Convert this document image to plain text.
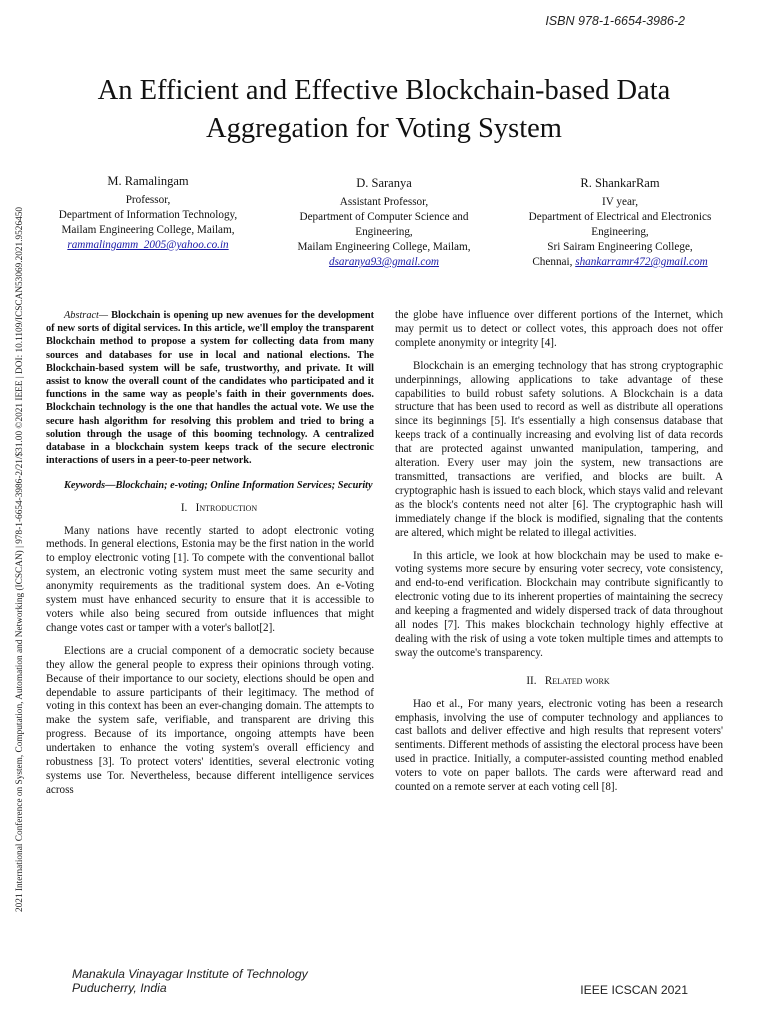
ISBN 978-1-6654-3986-2
2021 International Conference on System, Computation, Automation and Networking (ICSCAN) | 978-1-6654-3986-2/21/$31.00 ©2021 IEEE | DOI: 10.1109/ICSCAN53069.2021.9526450
An Efficient and Effective Blockchain-based Data
Aggregation for Voting System
M. Ramalingam
Professor,
Department of Information Technology,
Mailam Engineering College, Mailam,
rammalingamm_2005@yahoo.co.in
D. Saranya
Assistant Professor,
Department of Computer Science and
Engineering,
Mailam Engineering College, Mailam,
dsaranya93@gmail.com
R. ShankarRam
IV year,
Department of Electrical and Electronics
Engineering,
Sri Sairam Engineering College,
Chennai, shankarramr472@gmail.com

Abstract— Blockchain is opening up new avenues for the development of new sorts of digital services. In this article, we'll employ the transparent Blockchain method to propose a system for collecting data from many sources and databases for use in local and national elections. The Blockchain-based system will be safe, trustworthy, and private. It will assist to know the overall count of the candidates who participated and it functions in the same way as people's faith in their governments does. Blockchain technology is the one that handles the actual vote. We use the secure hash algorithm for resolving this problem and tried to bring a solution through the usage of this booming technology. A centralized database in a blockchain system keeps track of the secure electronic interactions of users in a peer-to-peer network.

Keywords—Blockchain; e-voting; Online Information Services; Security

I. Introduction

Many nations have recently started to adopt electronic voting methods. In general elections, Estonia may be the first nation in the world to employ electronic voting [1]. To compete with the conventional ballot system, an electronic voting system must meet the same security and anonymity requirements as the traditional system does. An e-Voting system must have enhanced security to ensure that it is accessible to voters while also being secured from outside influences that might change votes cast or tamper with a voter's ballot[2].

Elections are a crucial component of a democratic society because they allow the general people to express their opinions through voting. Because of their importance to our society, elections should be open and dependable to assure participants of their legitimacy. The method of voting in this context has been an ever-changing domain. The attempts to make the system safe, verifiable, and transparent are driving this progress. Because of its importance, ongoing attempts have been undertaken to enhance the voting system's overall efficiency and robustness [3]. To protect voters' identities, several electronic voting systems use Tor. Nevertheless, because different intelligence services across

the globe have influence over different portions of the Internet, which may permit us to detect or collect votes, this approach does not offer complete anonymity or integrity [4].

Blockchain is an emerging technology that has strong cryptographic underpinnings, allowing applications to take advantage of these capabilities to build robust safety solutions. A Blockchain is a data structure that has been used to record as well as distribute all operations since its beginnings [5]. It's essentially a high consensus database that keeps track of a continually increasing and evolving list of data records that are protected against unwanted manipulation, tampering, and alteration. Every user may join the system, new transactions are transmitted, transactions are verified, and blocks are built. A cryptographic hash is issued to each block, which stays valid and relevant as the block's contents need not alter [6]. The cryptographic hash will immediately change if the block is modified, signaling that the contents are altered, which might be related to illegal activities.

In this article, we look at how blockchain may be used to make e-voting systems more secure by ensuring voter secrecy, vote consistency, and end-to-end verification. Blockchain may contribute significantly to electronic voting due to its inherent properties of maintaining the secrecy and keeping a fragmented and widely dispersed track of data throughout all nodes [7]. This makes blockchain technology highly effective at dealing with the risk of using a vote token multiple times and attempts to sway the outcome's transparency.

II. Related work

Hao et al., For many years, electronic voting has been a research emphasis, involving the use of computer technology and appliances to cast ballots and deliver effective and high results that represent voters' sentiments. Different methods of assisting the electoral process have been used in practice. Initially, a computer-assisted counting method enabled voters to vote on paper ballots. The cards were afterward read and counted on a remote server at each voting cell [8].

Manakula Vinayagar Institute of Technology
Puducherry, India	IEEE ICSCAN 2021
